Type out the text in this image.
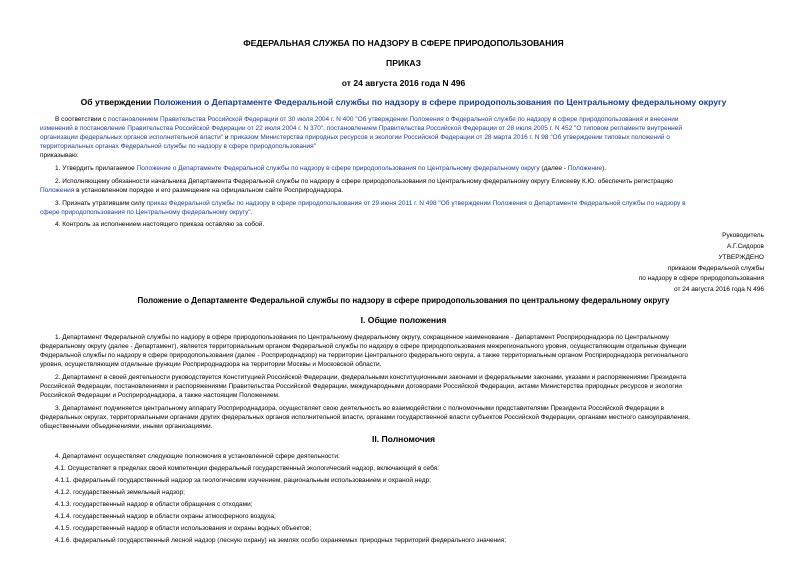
ФЕДЕРАЛЬНАЯ СЛУЖБА ПО НАДЗОРУ В СФЕРЕ ПРИРОДОПОЛЬЗОВАНИЯ
ПРИКАЗ
от 24 августа 2016 года N 496
Об утверждении Положения о Департаменте Федеральной службы по надзору в сфере природопользования по Центральному федеральному округу
В соответствии с постановлением Правительства Российской Федерации от 30 июля 2004 г. N 400 "Об утверждении Положения о Федеральной службе по надзору в сфере природопользования и внесении
изменений в постановление Правительства Российской Федерации от 22 июля 2004 г. N 370", постановлением Правительства Российской Федерации от 28 июля 2005 г. N 452 "О типовом регламенте внутренней
организации федеральных органов исполнительной власти" и приказом Министерства природных ресурсов и экологии Российской Федерации от 28 марта 2016 г. N 98 "Об утверждении типовых положений о
территориальных органах Федеральной службы по надзору в сфере природопользования"
приказываю:
1. Утвердить прилагаемое Положение о Департаменте Федеральной службы по надзору в сфере природопользования по Центральному федеральному округу (далее - Положение).
2. Исполняющему обязанности начальника Департамента Федеральной службы по надзору в сфере природопользования по Центральному федеральному округу Елисееву К.Ю. обеспечить регистрацию
Положения в установленном порядке и его размещение на официальном сайте Росприроднадзора.
3. Признать утратившим силу приказ Федеральной службы по надзору в сфере природопользования от 29 июня 2011 г. N 498 "Об утверждении Положения о Департаменте Федеральной службы по надзору в
сфере природопользования по Центральному федеральному округу".
4. Контроль за исполнением настоящего приказа оставляю за собой.
Руководитель
А.Г.Сидоров
УТВЕРЖДЕНО
приказом Федеральной службы
по надзору в сфере природопользования
от 24 августа 2016 года N 496
Положение о Департаменте Федеральной службы по надзору в сфере природопользования по центральному федеральному округу
I. Общие положения
1. Департамент Федеральной службы по надзору в сфере природопользования по Центральному федеральному округу, сокращенное наименование - Департамент Росприроднадзора по Центральному
федеральному округу (далее - Департамент), является территориальным органом Федеральной службы по надзору в сфере природопользования межрегионального уровня, осуществляющим отдельные функции
Федеральной службы по надзору в сфере природопользования (далее - Росприроднадзор) на территории Центрального федерального округа, а также территориальным органом Росприроднадзора регионального
уровня, осуществляющим отдельные функции Росприроднадзора на территории Москвы и Московской области.
2. Департамент в своей деятельности руководствуется Конституцией Российской Федерации, федеральными конституционными законами и федеральными законами, указами и распоряжениями Президента
Российской Федерации, постановлениями и распоряжениями Правительства Российской Федерации, международными договорами Российской Федерации, актами Министерства природных ресурсов и экологии
Российской Федерации и Росприроднадзора, а также настоящим Положением.
3. Департамент подчиняется центральному аппарату Росприроднадзора, осуществляет свою деятельность во взаимодействии с полномочными представителями Президента Российской Федерации в
федеральных округах, территориальными органами других федеральных органов исполнительной власти, органами государственной власти субъектов Российской Федерации, органами местного самоуправления,
общественными объединениями, иными организациями.
II. Полномочия
4. Департамент осуществляет следующие полномочия в установленной сфере деятельности:
4.1. Осуществляет в пределах своей компетенции федеральный государственный экологический надзор, включающий в себя:
4.1.1. федеральный государственный надзор за геологическим изучением, рациональным использованием и охраной недр;
4.1.2. государственный земельный надзор;
4.1.3. государственный надзор в области обращения с отходами;
4.1.4. государственный надзор в области охраны атмосферного воздуха;
4.1.5. государственный надзор в области использования и охраны водных объектов;
4.1.6. федеральный государственный лесной надзор (лесную охрану) на землях особо охраняемых природных территорий федерального значения;
